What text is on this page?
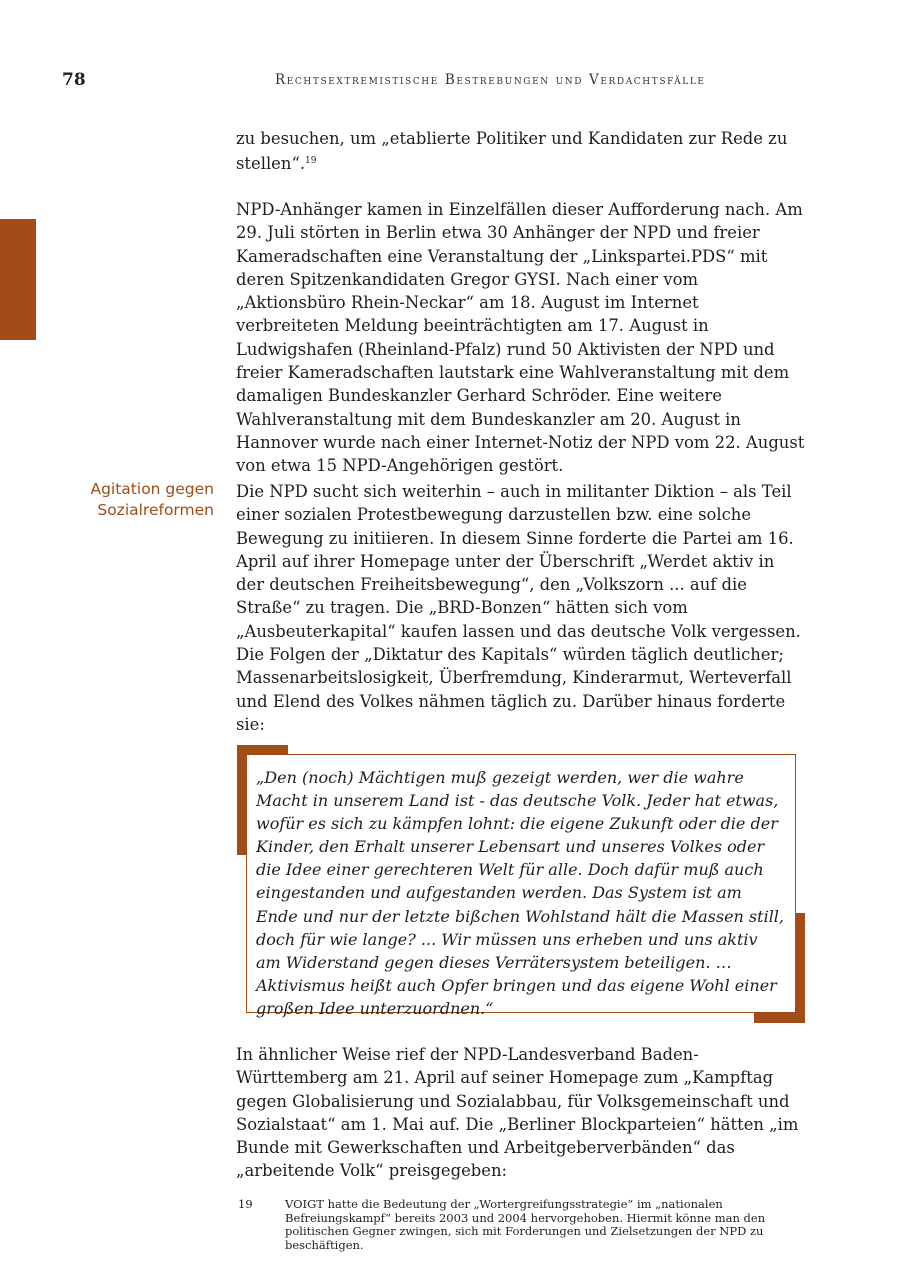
78	Rechtsextremistische Bestrebungen und Verdachtsfälle

zu besuchen, um „etablierte Politiker und Kandidaten zur Rede zu stellen“.$^{19}$

NPD-Anhänger kamen in Einzelfällen dieser Aufforderung nach. Am 29. Juli störten in Berlin etwa 30 Anhänger der NPD und freier Kameradschaften eine Veranstaltung der „Linkspartei.PDS“ mit deren Spitzenkandidaten Gregor GYSI. Nach einer vom „Aktionsbüro Rhein-Neckar“ am 18. August im Internet verbreiteten Meldung beeinträchtigten am 17. August in Ludwigshafen (Rheinland-Pfalz) rund 50 Aktivisten der NPD und freier Kameradschaften lautstark eine Wahlveranstaltung mit dem damaligen Bundeskanzler Gerhard Schröder. Eine weitere Wahlveranstaltung mit dem Bundeskanzler am 20. August in Hannover wurde nach einer Internet-Notiz der NPD vom 22. August von etwa 15 NPD-Angehörigen gestört.

Agitation gegen Sozialreformen

Die NPD sucht sich weiterhin – auch in militanter Diktion – als Teil einer sozialen Protestbewegung darzustellen bzw. eine solche Bewegung zu initiieren. In diesem Sinne forderte die Partei am 16. April auf ihrer Homepage unter der Überschrift „Werdet aktiv in der deutschen Freiheitsbewegung“, den „Volkszorn ... auf die Straße“ zu tragen. Die „BRD-Bonzen“ hätten sich vom „Ausbeuterkapital“ kaufen lassen und das deutsche Volk vergessen. Die Folgen der „Diktatur des Kapitals“ würden täglich deutlicher; Massenarbeitslosigkeit, Überfremdung, Kinderarmut, Werteverfall und Elend des Volkes nähmen täglich zu. Darüber hinaus forderte sie:

„Den (noch) Mächtigen muß gezeigt werden, wer die wahre Macht in unserem Land ist - das deutsche Volk. Jeder hat etwas, wofür es sich zu kämpfen lohnt: die eigene Zukunft oder die der Kinder, den Erhalt unserer Lebensart und unseres Volkes oder die Idee einer gerechteren Welt für alle. Doch dafür muß auch eingestanden und aufgestanden werden. Das System ist am Ende und nur der letzte bißchen Wohlstand hält die Massen still, doch für wie lange? ... Wir müssen uns erheben und uns aktiv am Widerstand gegen dieses Verrätersystem beteiligen. … Aktivismus heißt auch Opfer bringen und das eigene Wohl einer großen Idee unterzuordnen.“

In ähnlicher Weise rief der NPD-Landesverband Baden-Württemberg am 21. April auf seiner Homepage zum „Kampftag gegen Globalisierung und Sozialabbau, für Volksgemeinschaft und Sozialstaat“ am 1. Mai auf. Die „Berliner Blockparteien“ hätten „im Bunde mit Gewerkschaften und Arbeitgeberverbänden“ das „arbeitende Volk“ preisgegeben:

19	VOIGT hatte die Bedeutung der „Wortergreifungsstrategie“ im „nationalen Befreiungskampf“ bereits 2003 und 2004 hervorgehoben. Hiermit könne man den politischen Gegner zwingen, sich mit Forderungen und Zielsetzungen der NPD zu beschäftigen.
